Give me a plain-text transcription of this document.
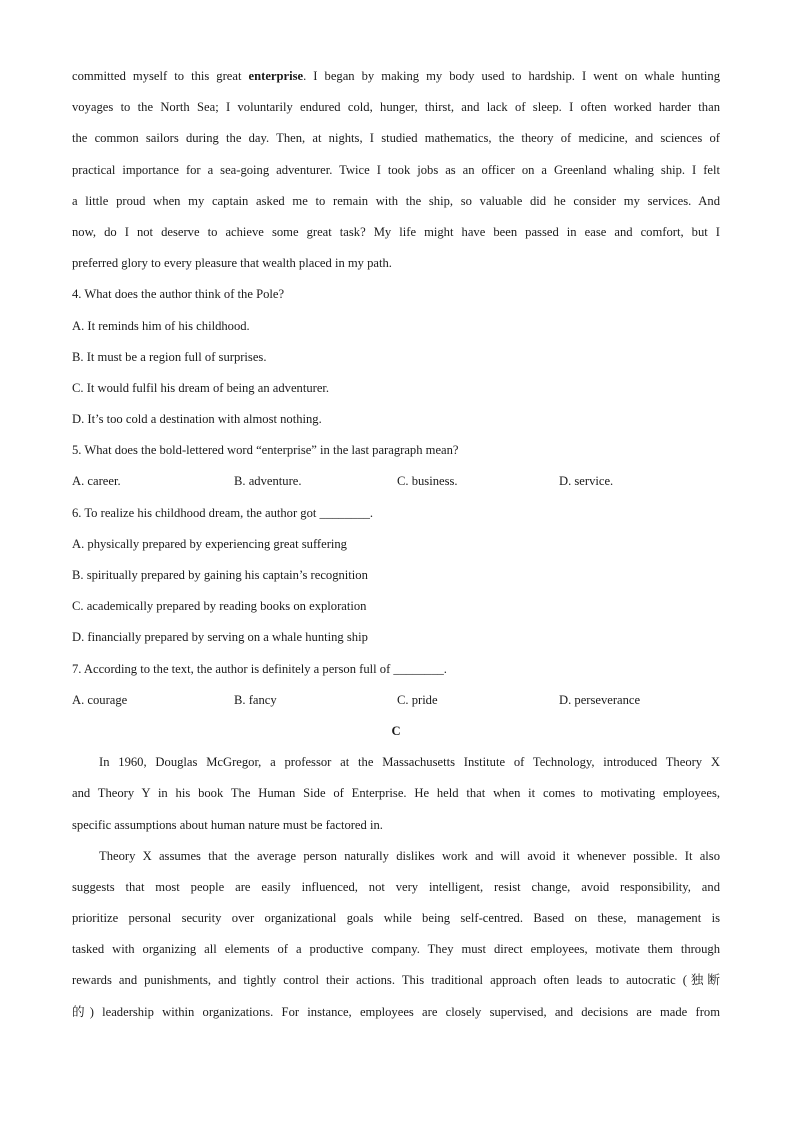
committed myself to this great enterprise. I began by making my body used to hardship. I went on whale hunting
voyages to the North Sea; I voluntarily endured cold, hunger, thirst, and lack of sleep. I often worked harder than
the common sailors during the day. Then, at nights, I studied mathematics, the theory of medicine, and sciences of
practical importance for a sea-going adventurer. Twice I took jobs as an officer on a Greenland whaling ship. I felt
a little proud when my captain asked me to remain with the ship, so valuable did he consider my services. And
now, do I not deserve to achieve some great task? My life might have been passed in ease and comfort, but I
preferred glory to every pleasure that wealth placed in my path.
4. What does the author think of the Pole?
A. It reminds him of his childhood.
B. It must be a region full of surprises.
C. It would fulfil his dream of being an adventurer.
D. It’s too cold a destination with almost nothing.
5. What does the bold-lettered word “enterprise” in the last paragraph mean?
A. career.	B. adventure.	C. business.	D. service.
6. To realize his childhood dream, the author got ________.
A. physically prepared by experiencing great suffering
B. spiritually prepared by gaining his captain’s recognition
C. academically prepared by reading books on exploration
D. financially prepared by serving on a whale hunting ship
7. According to the text, the author is definitely a person full of ________.
A. courage	B. fancy	C. pride	D. perseverance
C
In 1960, Douglas McGregor, a professor at the Massachusetts Institute of Technology, introduced Theory X
and Theory Y in his book The Human Side of Enterprise. He held that when it comes to motivating employees,
specific assumptions about human nature must be factored in.
Theory X assumes that the average person naturally dislikes work and will avoid it whenever possible. It also
suggests that most people are easily influenced, not very intelligent, resist change, avoid responsibility, and
prioritize personal security over organizational goals while being self-centred. Based on these, management is
tasked with organizing all elements of a productive company. They must direct employees, motivate them through
rewards and punishments, and tightly control their actions. This traditional approach often leads to autocratic (独断
的) leadership within organizations. For instance, employees are closely supervised, and decisions are made from
